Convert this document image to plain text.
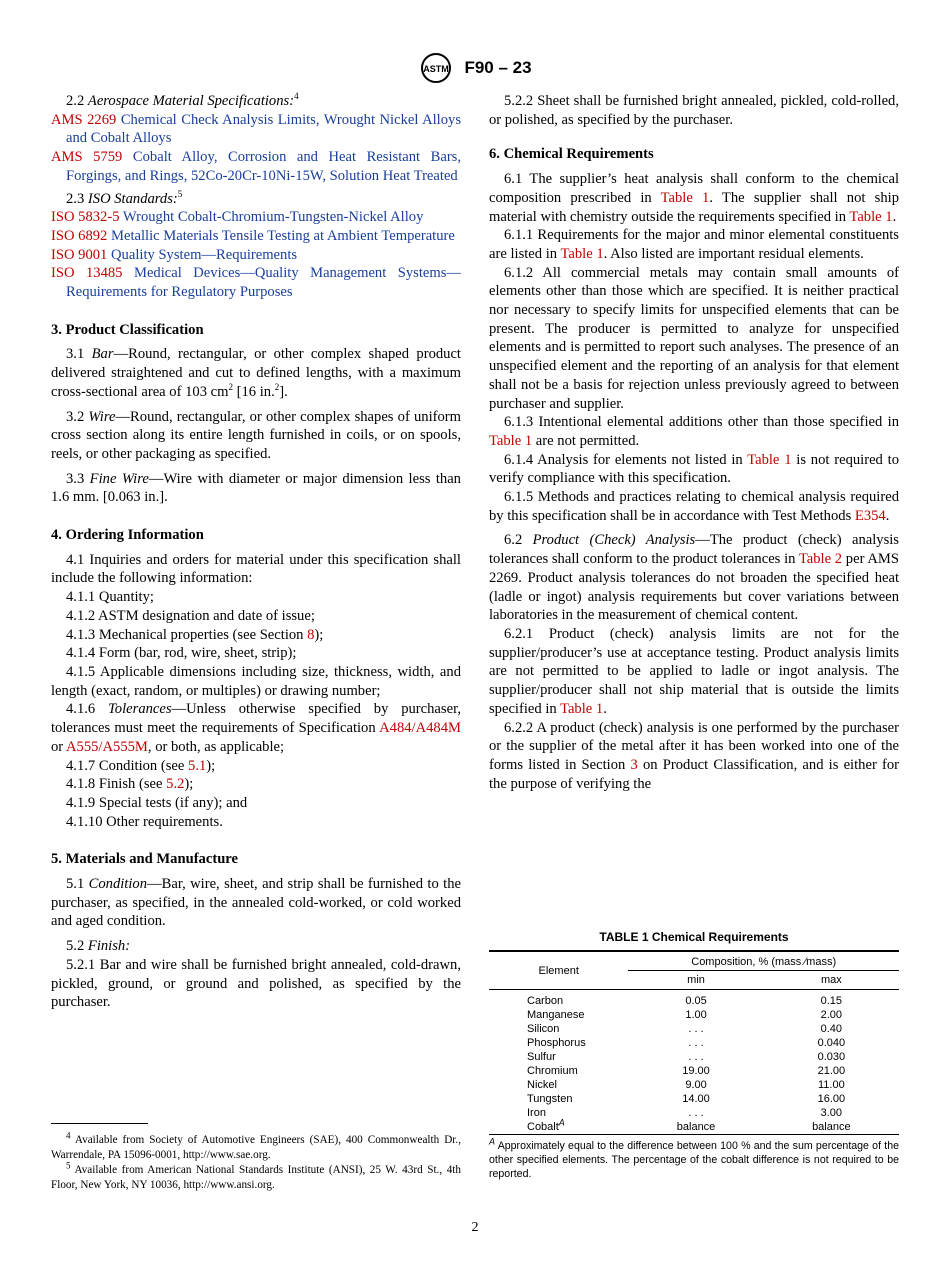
ASTM F90 – 23

2.2 Aerospace Material Specifications:$^4$

AMS 2269 Chemical Check Analysis Limits, Wrought Nickel Alloys and Cobalt Alloys

AMS 5759 Cobalt Alloy, Corrosion and Heat Resistant Bars, Forgings, and Rings, 52Co-20Cr-10Ni-15W, Solution Heat Treated

2.3 ISO Standards:$^5$

ISO 5832-5 Wrought Cobalt-Chromium-Tungsten-Nickel Alloy

ISO 6892 Metallic Materials Tensile Testing at Ambient Temperature

ISO 9001 Quality System—Requirements

ISO 13485 Medical Devices—Quality Management Systems—Requirements for Regulatory Purposes

3. Product Classification

3.1 Bar—Round, rectangular, or other complex shaped product delivered straightened and cut to defined lengths, with a maximum cross-sectional area of 103 $cm^2$ [16 in.$^2$].

3.2 Wire—Round, rectangular, or other complex shapes of uniform cross section along its entire length furnished in coils, or on spools, reels, or other packaging as specified.

3.3 Fine Wire—Wire with diameter or major dimension less than 1.6 mm. [0.063 in.].

4. Ordering Information

4.1 Inquiries and orders for material under this specification shall include the following information:

4.1.1 Quantity;

4.1.2 ASTM designation and date of issue;

4.1.3 Mechanical properties (see Section 8);

4.1.4 Form (bar, rod, wire, sheet, strip);

4.1.5 Applicable dimensions including size, thickness, width, and length (exact, random, or multiples) or drawing number;

4.1.6 Tolerances—Unless otherwise specified by purchaser, tolerances must meet the requirements of Specification A484/A484M or A555/A555M, or both, as applicable;

4.1.7 Condition (see 5.1);

4.1.8 Finish (see 5.2);

4.1.9 Special tests (if any); and

4.1.10 Other requirements.

5. Materials and Manufacture

5.1 Condition—Bar, wire, sheet, and strip shall be furnished to the purchaser, as specified, in the annealed cold-worked, or cold worked and aged condition.

5.2 Finish:

5.2.1 Bar and wire shall be furnished bright annealed, cold-drawn, pickled, ground, or ground and polished, as specified by the purchaser.

5.2.2 Sheet shall be furnished bright annealed, pickled, cold-rolled, or polished, as specified by the purchaser.

6. Chemical Requirements

6.1 The supplier’s heat analysis shall conform to the chemical composition prescribed in Table 1. The supplier shall not ship material with chemistry outside the requirements specified in Table 1.

6.1.1 Requirements for the major and minor elemental constituents are listed in Table 1. Also listed are important residual elements.

6.1.2 All commercial metals may contain small amounts of elements other than those which are specified. It is neither practical nor necessary to specify limits for unspecified elements that can be present. The producer is permitted to analyze for unspecified elements and is permitted to report such analyses. The presence of an unspecified element and the reporting of an analysis for that element shall not be a basis for rejection unless previously agreed to between purchaser and supplier.

6.1.3 Intentional elemental additions other than those specified in Table 1 are not permitted.

6.1.4 Analysis for elements not listed in Table 1 is not required to verify compliance with this specification.

6.1.5 Methods and practices relating to chemical analysis required by this specification shall be in accordance with Test Methods E354.

6.2 Product (Check) Analysis—The product (check) analysis tolerances shall conform to the product tolerances in Table 2 per AMS 2269. Product analysis tolerances do not broaden the specified heat (ladle or ingot) analysis requirements but cover variations between laboratories in the measurement of chemical content.

6.2.1 Product (check) analysis limits are not for the supplier/producer’s use at acceptance testing. Product analysis limits are not permitted to be applied to ladle or ingot analysis. The supplier/producer shall not ship material that is outside the limits specified in Table 1.

6.2.2 A product (check) analysis is one performed by the purchaser or the supplier of the metal after it has been worked into one of the forms listed in Section 3 on Product Classification, and is either for the purpose of verifying the

TABLE 1 Chemical Requirements
Element	Composition, % (mass ⁄mass)	
	min	max
Carbon	0.05	0.15
Manganese	1.00	2.00
Silicon	. . .	0.40
Phosphorus	. . .	0.040
Sulfur	. . .	0.030
Chromium	19.00	21.00
Nickel	9.00	11.00
Tungsten	14.00	16.00
Iron	. . .	3.00
Cobalt$^A$	balance	balance
$^A$ Approximately equal to the difference between 100 % and the sum percentage of the other specified elements. The percentage of the cobalt difference is not required to be reported.

$^4$ Available from Society of Automotive Engineers (SAE), 400 Commonwealth Dr., Warrendale, PA 15096-0001, http://www.sae.org.

$^5$ Available from American National Standards Institute (ANSI), 25 W. 43rd St., 4th Floor, New York, NY 10036, http://www.ansi.org.

2
